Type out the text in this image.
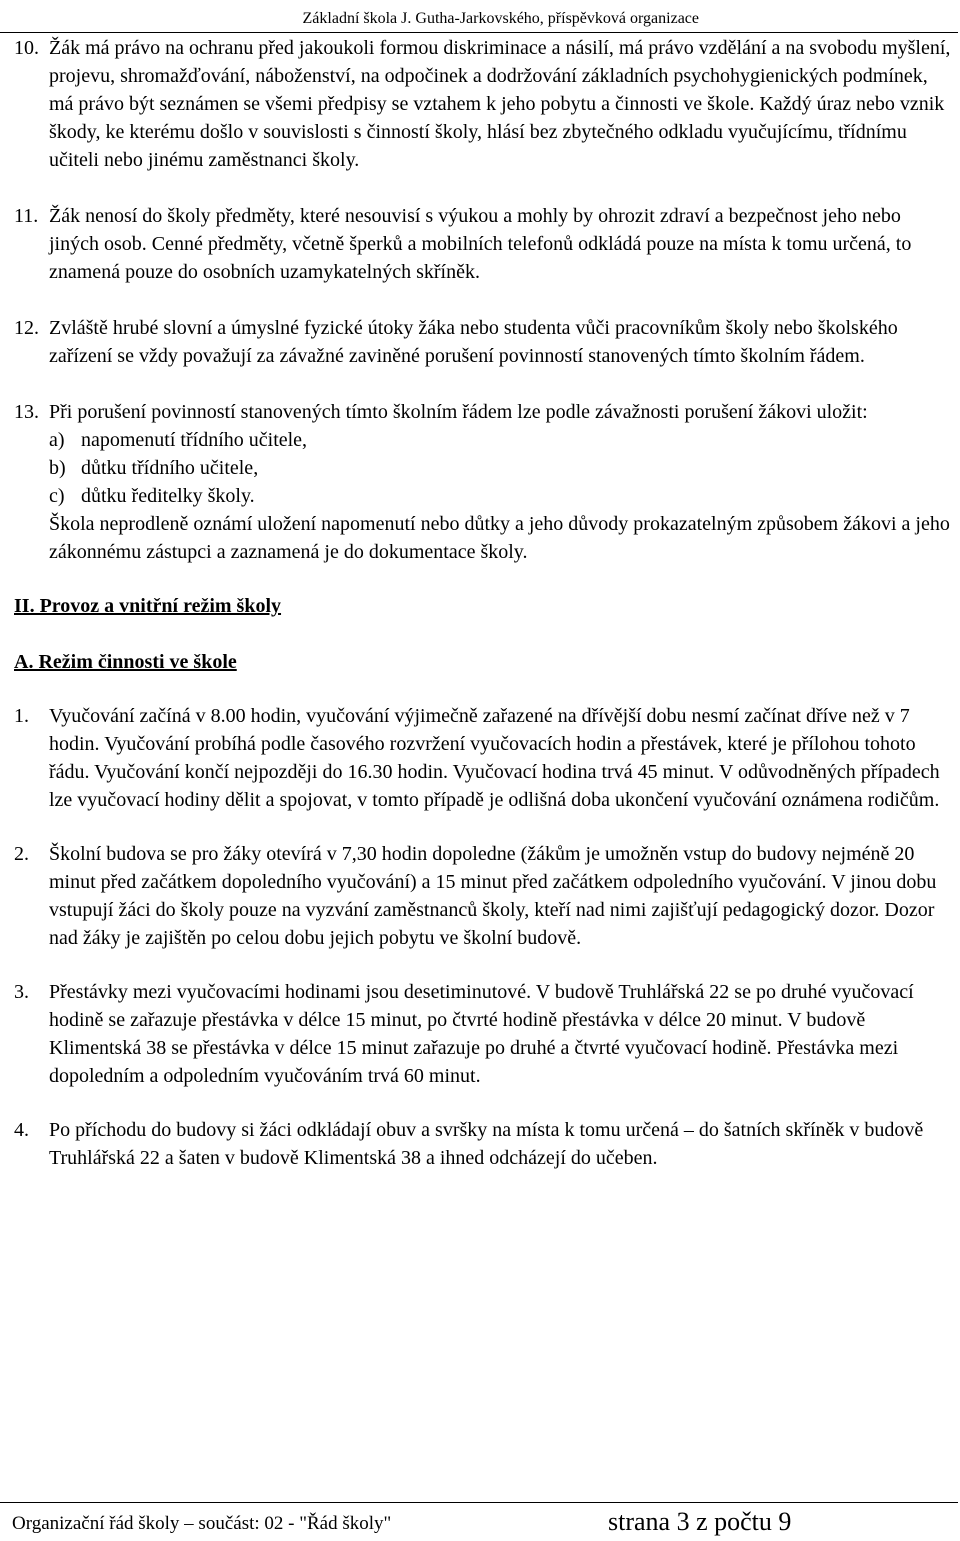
Základní škola J. Gutha-Jarkovského, příspěvková organizace
10. Žák má právo na ochranu před jakoukoli formou diskriminace a násilí, má právo vzdělání a na svobodu myšlení, projevu, shromažďování, náboženství, na odpočinek a dodržování základních psychohygienických podmínek, má právo být seznámen se všemi předpisy se vztahem k jeho pobytu a činnosti ve škole. Každý úraz nebo vznik škody, ke kterému došlo v souvislosti s činností školy, hlásí bez zbytečného odkladu vyučujícímu, třídnímu učiteli nebo jinému zaměstnanci školy.
11. Žák nenosí do školy předměty, které nesouvisí s výukou a mohly by ohrozit zdraví a bezpečnost jeho nebo jiných osob. Cenné předměty, včetně šperků a mobilních telefonů odkládá pouze na místa k tomu určená, to znamená pouze do osobních uzamykatelných skříněk.
12. Zvláště hrubé slovní a úmyslné fyzické útoky žáka nebo studenta vůči pracovníkům školy nebo školského zařízení se vždy považují za závažné zaviněné porušení povinností stanovených tímto školním řádem.
13. Při porušení povinností stanovených tímto školním řádem lze podle závažnosti porušení žákovi uložit:
a) napomenutí třídního učitele,
b) důtku třídního učitele,
c) důtku ředitelky školy.
Škola neprodleně oznámí uložení napomenutí nebo důtky a jeho důvody prokazatelným způsobem žákovi a jeho zákonnému zástupci a zaznamená je do dokumentace školy.
II. Provoz a vnitřní režim školy
A. Režim činnosti ve škole
1. Vyučování začíná v 8.00 hodin, vyučování výjimečně zařazené na dřívější dobu nesmí začínat dříve než v 7 hodin. Vyučování probíhá podle časového rozvržení vyučovacích hodin a přestávek, které je přílohou tohoto řádu. Vyučování končí nejpozději do 16.30 hodin. Vyučovací hodina trvá 45 minut. V odůvodněných případech lze vyučovací hodiny dělit a spojovat, v tomto případě je odlišná doba ukončení vyučování oznámena rodičům.
2. Školní budova se pro žáky otevírá v 7,30 hodin dopoledne (žákům je umožněn vstup do budovy nejméně 20 minut před začátkem dopoledního vyučování) a 15 minut před začátkem odpoledního vyučování. V jinou dobu vstupují žáci do školy pouze na vyzvání zaměstnanců školy, kteří nad nimi zajišťují pedagogický dozor. Dozor nad žáky je zajištěn po celou dobu jejich pobytu ve školní budově.
3. Přestávky mezi vyučovacími hodinami jsou desetiminutové. V budově Truhlářská 22 se po druhé vyučovací hodině se zařazuje přestávka v délce 15 minut, po čtvrté hodině přestávka v délce 20 minut. V budově Klimentská 38 se přestávka v délce 15 minut zařazuje po druhé a čtvrté vyučovací hodině. Přestávka mezi dopoledním a odpoledním vyučováním trvá 60 minut.
4. Po příchodu do budovy si žáci odkládají obuv a svršky na místa k tomu určená – do šatních skříněk v budově Truhlářská 22 a šaten v budově Klimentská 38 a ihned odcházejí do učeben.
Organizační řád školy – součást: 02 - "Řád školy"	strana 3 z počtu 9
